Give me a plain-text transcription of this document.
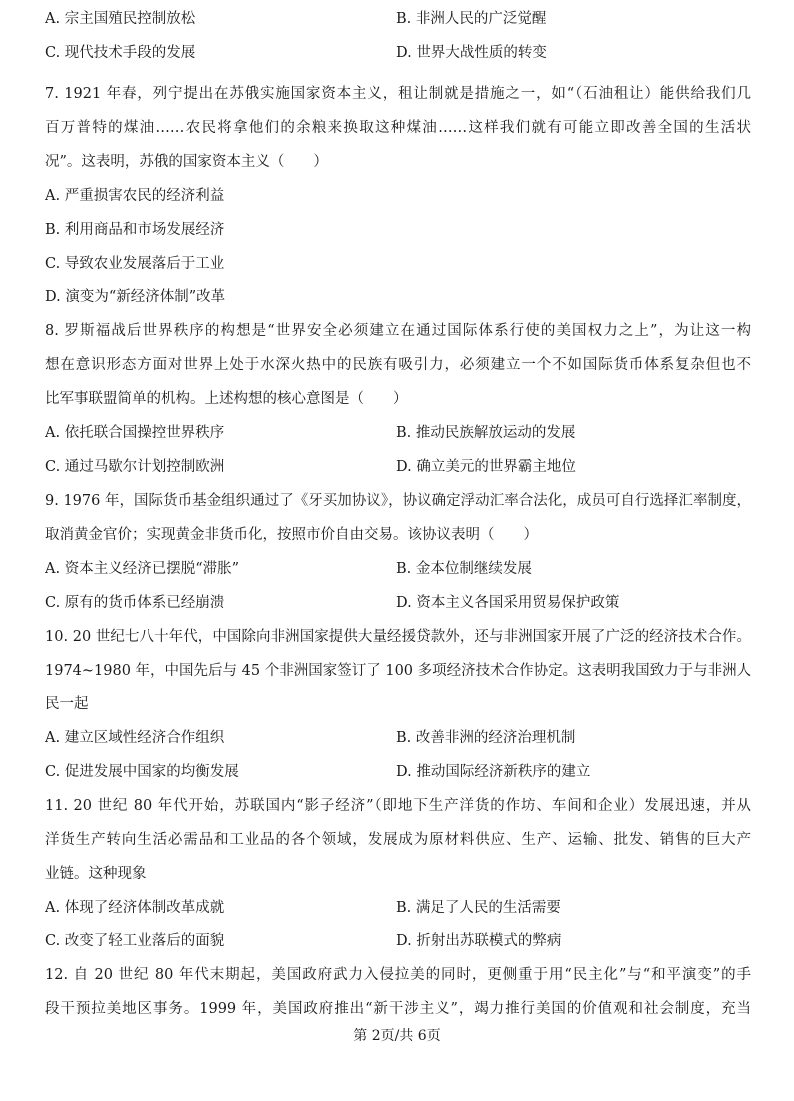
A. 宗主国殖民控制放松	B. 非洲人民的广泛觉醒
C. 现代技术手段的发展	D. 世界大战性质的转变
7. 1921 年春，列宁提出在苏俄实施国家资本主义，租让制就是措施之一，如“（石油租让）能供给我们几
百万普特的煤油……农民将拿他们的余粮来换取这种煤油……这样我们就有可能立即改善全国的生活状
况”。这表明，苏俄的国家资本主义（　　）
A. 严重损害农民的经济利益
B. 利用商品和市场发展经济
C. 导致农业发展落后于工业
D. 演变为“新经济体制”改革
8. 罗斯福战后世界秩序的构想是“世界安全必须建立在通过国际体系行使的美国权力之上”，为让这一构
想在意识形态方面对世界上处于水深火热中的民族有吸引力，必须建立一个不如国际货币体系复杂但也不
比军事联盟简单的机构。上述构想的核心意图是（　　）
A. 依托联合国操控世界秩序	B. 推动民族解放运动的发展
C. 通过马歇尔计划控制欧洲	D. 确立美元的世界霸主地位
9. 1976 年，国际货币基金组织通过了《牙买加协议》，协议确定浮动汇率合法化，成员可自行选择汇率制度，
取消黄金官价；实现黄金非货币化，按照市价自由交易。该协议表明（　　）
A. 资本主义经济已摆脱“滞胀”	B. 金本位制继续发展
C. 原有的货币体系已经崩溃	D. 资本主义各国采用贸易保护政策
10. 20 世纪七八十年代，中国除向非洲国家提供大量经援贷款外，还与非洲国家开展了广泛的经济技术合作。
1974~1980 年，中国先后与 45 个非洲国家签订了 100 多项经济技术合作协定。这表明我国致力于与非洲人
民一起
A. 建立区域性经济合作组织	B. 改善非洲的经济治理机制
C. 促进发展中国家的均衡发展	D. 推动国际经济新秩序的建立
11. 20 世纪 80 年代开始，苏联国内“影子经济”（即地下生产洋货的作坊、车间和企业）发展迅速，并从
洋货生产转向生活必需品和工业品的各个领域，发展成为原材料供应、生产、运输、批发、销售的巨大产
业链。这种现象
A. 体现了经济体制改革成就	B. 满足了人民的生活需要
C. 改变了轻工业落后的面貌	D. 折射出苏联模式的弊病
12. 自 20 世纪 80 年代末期起，美国政府武力入侵拉美的同时，更侧重于用“民主化”与“和平演变”的手
段干预拉美地区事务。1999 年，美国政府推出“新干涉主义”，竭力推行美国的价值观和社会制度，充当
第 2页/共 6页
